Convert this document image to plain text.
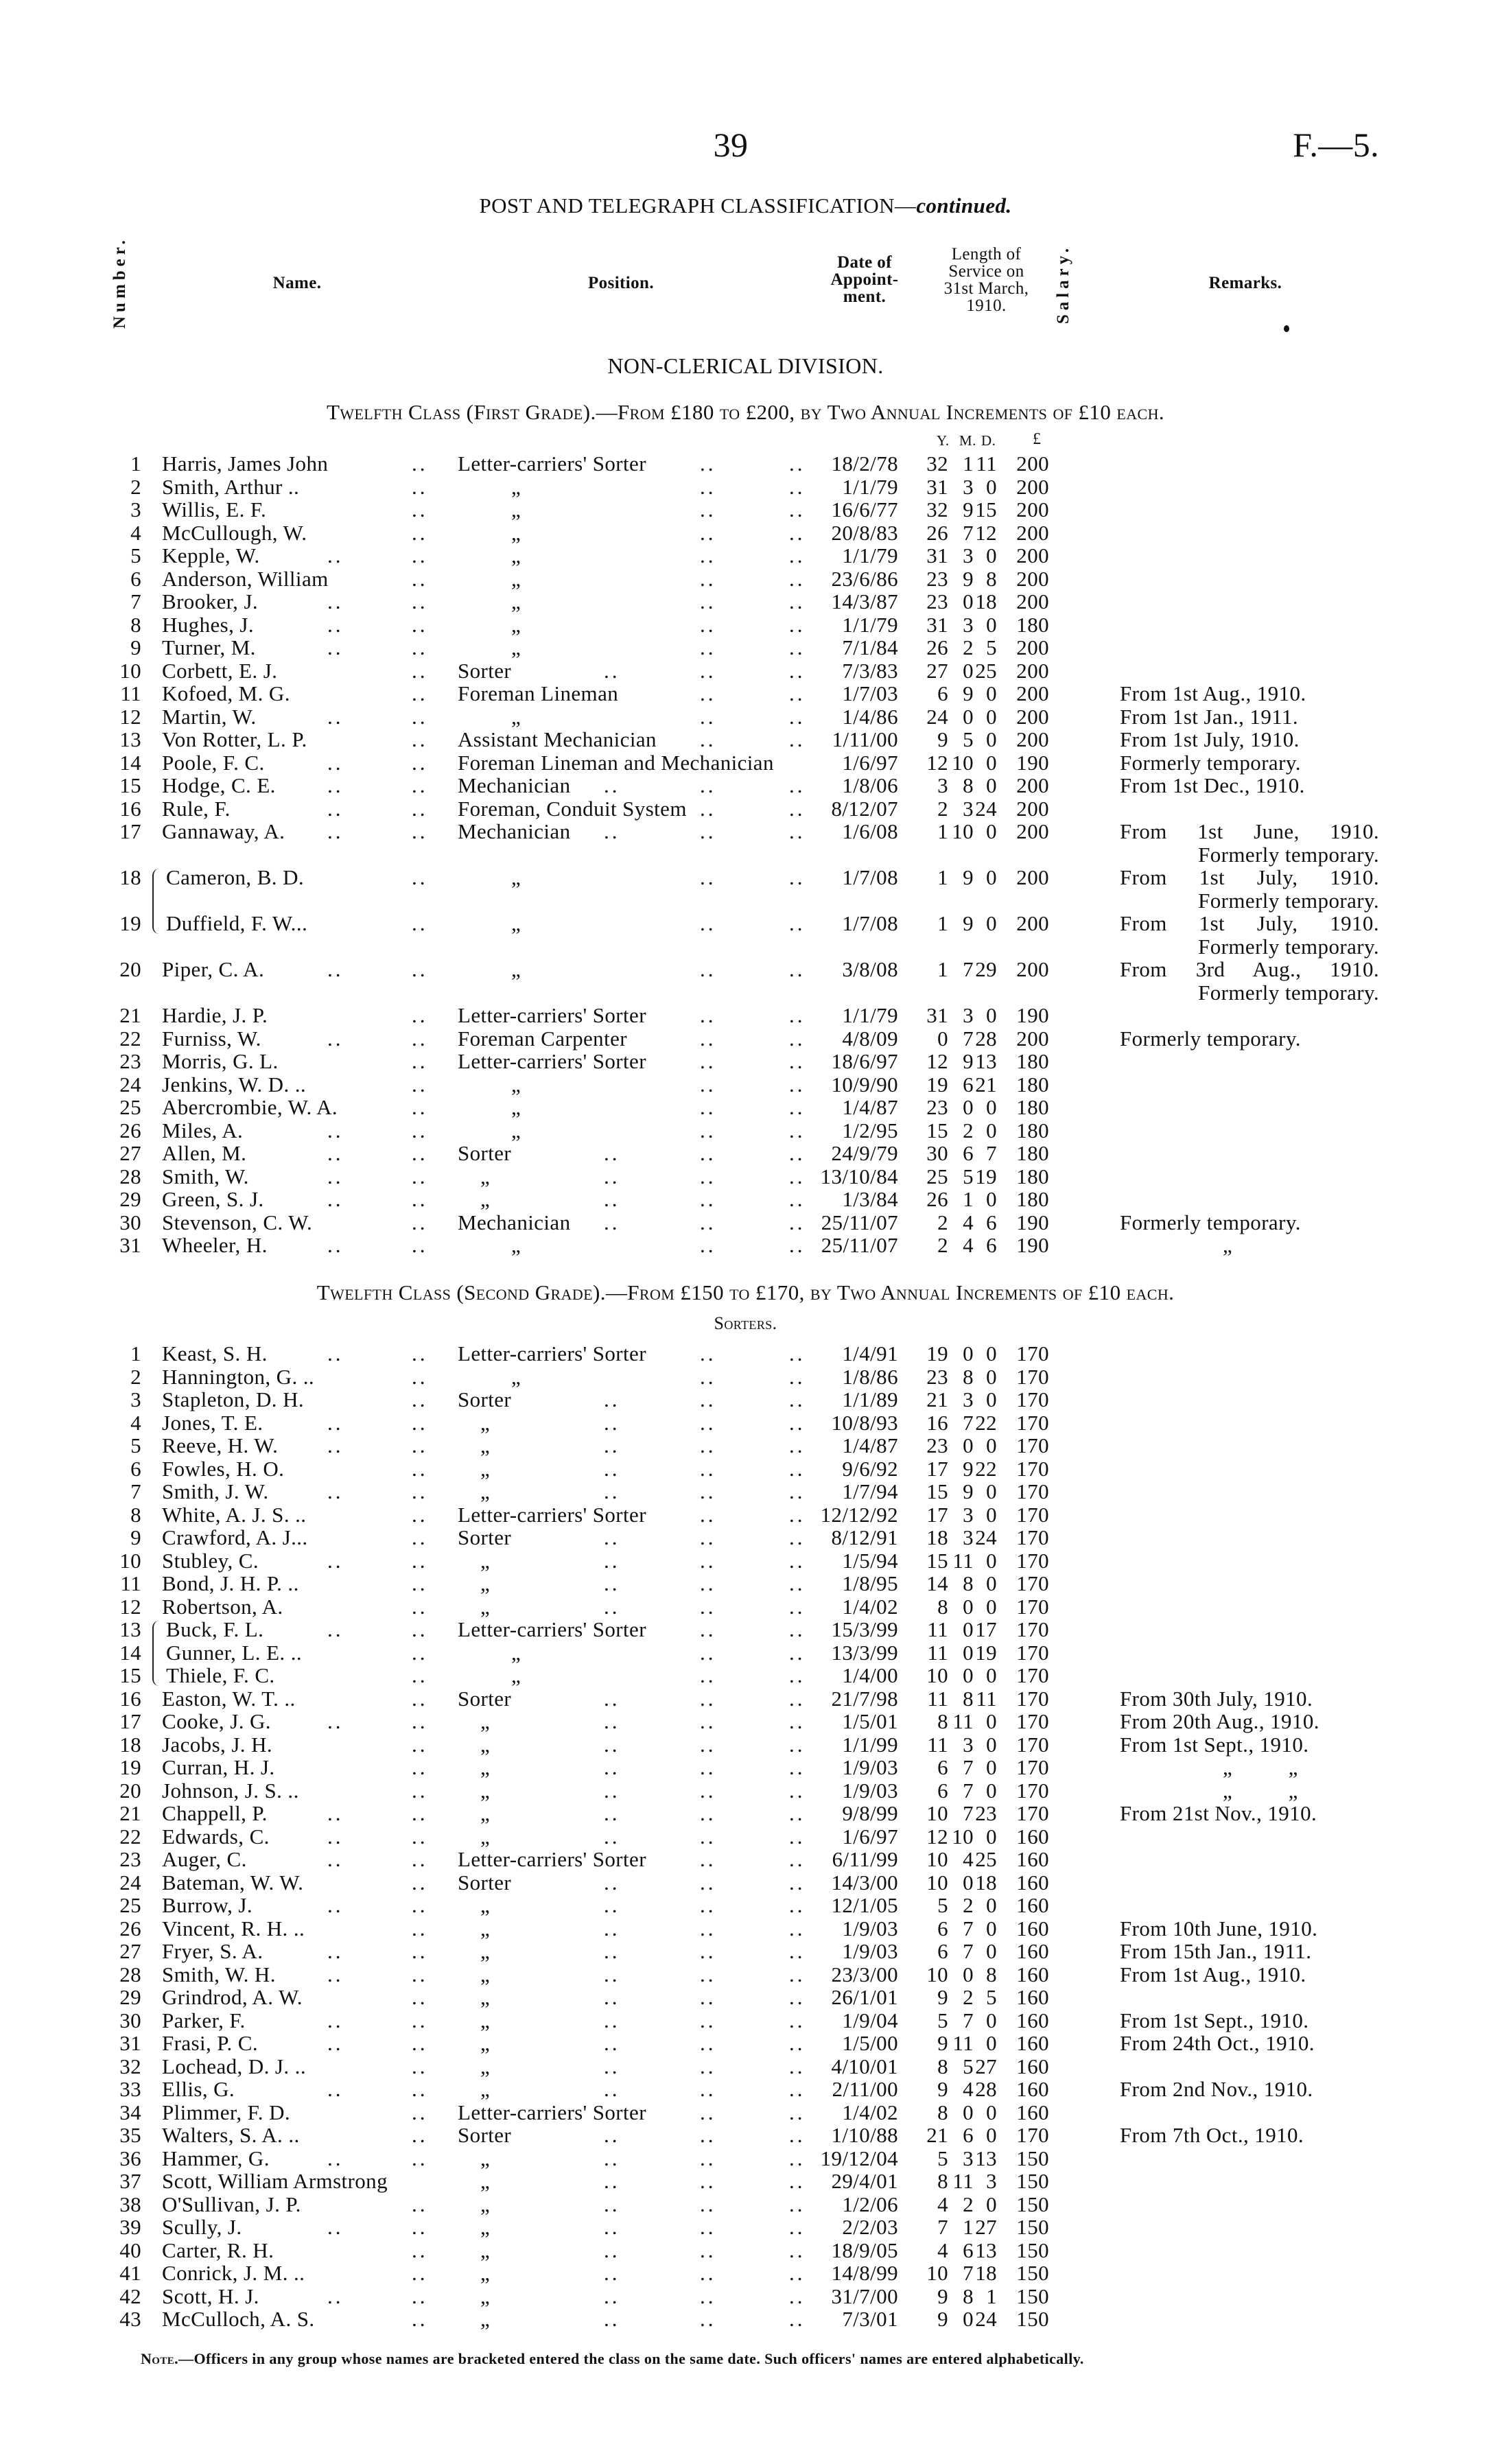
39	F.—5.
POST AND TELEGRAPH CLASSIFICATION—continued.
Number.	Name.	Position.
Date of Appoint-ment.
Length of Service on 31st March, 1910.	Salary.	Remarks.
NON-CLERICAL DIVISION.
Y. M. D. £
Twelfth Class (First Grade).—From £180 to £200, by Two Annual Increments of £10 each.
1 Harris, James John	.. Letter-carriers' Sorter	..	..	18/2/78	32 1 11 200
2 Smith, Arthur ..	..	„	..	..	1/1/79	31 3 0 200
3 Willis, E. F.	..	„	..	..	16/6/77	32 9 15 200
4 McCullough, W.	..	„	..	..	20/8/83	26 7 12 200
5 Kepple, W.	..	..	„	..	..	1/1/79	31 3 0 200
6 Anderson, William	..	„	..	..	23/6/86	23 9 8 200
7 Brooker, J.	..	..	„	..	..	14/3/87	23 0 18 200
8 Hughes, J.	..	..	„	..	..	1/1/79	31 3 0 180
9 Turner, M.	..	..	„	..	..	7/1/84	26 2 5 200
10 Corbett, E. J.	.. Sorter	..	..	..	7/3/83	27 0 25 200
11 Kofoed, M. G.	.. Foreman Lineman	..	..	1/7/03	6 9 0 200	From 1st Aug., 1910.
12 Martin, W.	..	..	„	..	..	1/4/86	24 0 0 200	From 1st Jan., 1911.
13 Von Rotter, L. P.	.. Assistant Mechanician ..	..	1/11/00	9 5 0 200	From 1st July, 1910.
14 Poole, F. C.	..	.. Foreman Lineman and Mechanician	1/6/97	12 10 0 190	Formerly temporary.
15 Hodge, C. E. ..	.. Mechanician ..	..	..	1/8/06	3 8 0 200	From 1st Dec., 1910.
16 Rule, F.	..	.. Foreman, Conduit System ..	..	8/12/07	2 3 24 200
17 Gannaway, A. ..	.. Mechanician ..	..	..	1/6/08	1 10 0 200	From 1st June, 1910.
Formerly temporary.
18 Cameron, B. D.	..	„	..	..	1/7/08	1 9 0 200	From 1st July, 1910.
Formerly temporary.
19 Duffield, F. W...	..	„	..	..	1/7/08	1 9 0 200	From 1st July, 1910.
Formerly temporary.
20 Piper, C. A.	..	..	„	..	..	3/8/08	1 7 29 200	From 3rd Aug., 1910.
Formerly temporary.
21 Hardie, J. P.	.. Letter-carriers' Sorter	..	..	1/1/79	31 3 0 190
22 Furniss, W.	..	.. Foreman Carpenter	..	..	4/8/09	0 7 28 200	Formerly temporary.
23 Morris, G. L.	.. Letter-carriers' Sorter	..	..	18/6/97	12 9 13 180
24 Jenkins, W. D. ..	..	„	..	..	10/9/90	19 6 21 180
25 Abercrombie, W. A.	..	„	..	..	1/4/87	23 0 0 180
26 Miles, A.	..	..	„	..	..	1/2/95	15 2 0 180
27 Allen, M.	..	.. Sorter	..	..	..	24/9/79	30 6 7 180
28 Smith, W.	..	.. „	..	..	.. 13/10/84	25 5 19 180
29 Green, S. J.	..	.. „	..	..	..	1/3/84	26 1 0 180
30 Stevenson, C. W.	.. Mechanician ..	..	.. 25/11/07	2 4 6 190	Formerly temporary.
31 Wheeler, H.	..	..	„	..	.. 25/11/07	2 4 6 190	„
Twelfth Class (Second Grade).—From £150 to £170, by Two Annual Increments of £10 each.
Sorters.
1 Keast, S. H.	..	.. Letter-carriers' Sorter	..	..	1/4/91	19 0 0 170
2 Hannington, G. ..	..	„	..	..	1/8/86	23 8 0 170
3 Stapleton, D. H.	.. Sorter	..	..	..	1/1/89	21 3 0 170
4 Jones, T. E.	..	.. „	..	..	..	10/8/93	16 7 22 170
5 Reeve, H. W. ..	.. „	..	..	..	1/4/87	23 0 0 170
6 Fowles, H. O.	.. „	..	..	..	9/6/92	17 9 22 170
7 Smith, J. W.	..	.. „	..	..	..	1/7/94	15 9 0 170
8 White, A. J. S. ..	.. Letter-carriers' Sorter	..	.. 12/12/92	17 3 0 170
9 Crawford, A. J...	.. Sorter	..	..	..	8/12/91	18 3 24 170
10 Stubley, C.	..	.. „	..	..	..	1/5/94	15 11 0 170
11 Bond, J. H. P. ..	.. „	..	..	..	1/8/95	14 8 0 170
12 Robertson, A.	.. „	..	..	..	1/4/02	8 0 0 170
13 Buck, F. L.	..	.. Letter-carriers' Sorter	..	..	15/3/99	11 0 17 170
14 Gunner, L. E. ..	..	„	..	..	13/3/99	11 0 19 170
15 Thiele, F. C.	..	„	..	..	1/4/00	10 0 0 170
16 Easton, W. T. ..	.. Sorter	..	..	..	21/7/98	11 8 11 170	From 30th July, 1910.
17 Cooke, J. G.	..	.. „	..	..	..	1/5/01	8 11 0 170	From 20th Aug., 1910.
18 Jacobs, J. H.	.. „	..	..	..	1/1/99	11 3 0 170	From 1st Sept., 1910.
19 Curran, H. J.	.. „	..	..	..	1/9/03	6 7 0 170	„          „
20 Johnson, J. S. ..	.. „	..	..	..	1/9/03	6 7 0 170	„          „
21 Chappell, P.	..	.. „	..	..	..	9/8/99	10 7 23 170	From 21st Nov., 1910.
22 Edwards, C.	..	.. „	..	..	..	1/6/97	12 10 0 160
23 Auger, C.	..	.. Letter-carriers' Sorter	..	..	6/11/99	10 4 25 160
24 Bateman, W. W.	.. Sorter	..	..	..	14/3/00	10 0 18 160
25 Burrow, J.	..	.. „	..	..	..	12/1/05	5 2 0 160
26 Vincent, R. H. ..	.. „	..	..	..	1/9/03	6 7 0 160	From 10th June, 1910.
27 Fryer, S. A.	..	.. „	..	..	..	1/9/03	6 7 0 160	From 15th Jan., 1911.
28 Smith, W. H. ..	.. „	..	..	..	23/3/00	10 0 8 160	From 1st Aug., 1910.
29 Grindrod, A. W.	.. „	..	..	..	26/1/01	9 2 5 160
30 Parker, F.	..	.. „	..	..	..	1/9/04	5 7 0 160	From 1st Sept., 1910.
31 Frasi, P. C.	..	.. „	..	..	..	1/5/00	9 11 0 160	From 24th Oct., 1910.
32 Lochead, D. J. ..	.. „	..	..	..	4/10/01	8 5 27 160
33 Ellis, G.	..	.. „	..	..	..	2/11/00	9 4 28 160	From 2nd Nov., 1910.
34 Plimmer, F. D.	.. Letter-carriers' Sorter	..	..	1/4/02	8 0 0 160
35 Walters, S. A. ..	.. Sorter	..	..	..	1/10/88	21 6 0 170	From 7th Oct., 1910.
36 Hammer, G.	..	.. „	..	..	.. 19/12/04	5 3 13 150
37 Scott, William Armstrong	„	..	..	..	29/4/01	8 11 3 150
38 O'Sullivan, J. P.	.. „	..	..	..	1/2/06	4 2 0 150
39 Scully, J.	..	.. „	..	..	..	2/2/03	7 1 27 150
40 Carter, R. H.	.. „	..	..	..	18/9/05	4 6 13 150
41 Conrick, J. M. ..	.. „	..	..	..	14/8/99	10 7 18 150
42 Scott, H. J.	..	.. „	..	..	..	31/7/00	9 8 1 150
43 McCulloch, A. S.	.. „	..	..	..	7/3/01	9 0 24 150
Note.—Officers in any group whose names are bracketed entered the class on the same date. Such officers' names are entered alphabetically.
